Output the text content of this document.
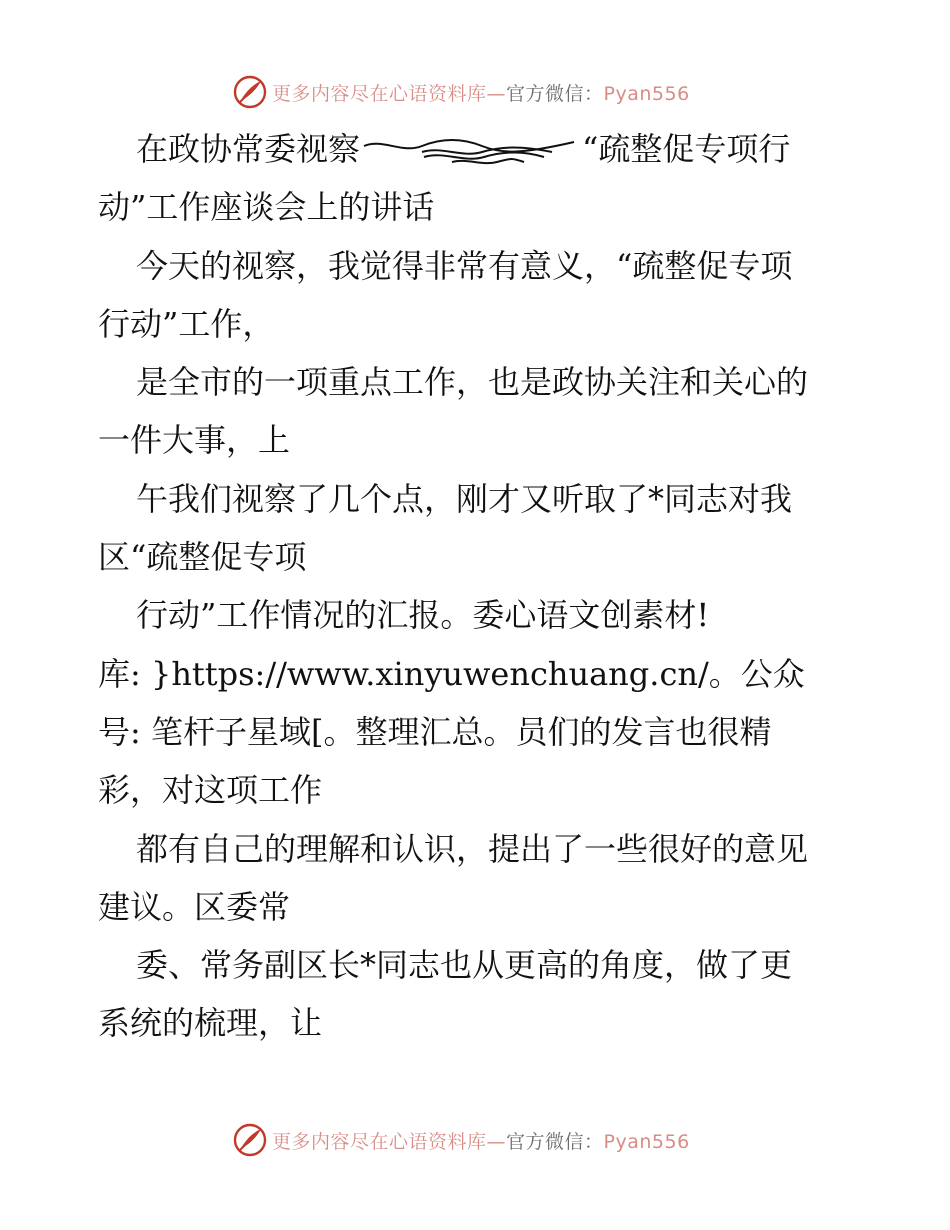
更多内容尽在心语资料库—官方微信：Pyan556
在政协常委视察	“疏整促专项行
动”工作座谈会上的讲话
今天的视察，我觉得非常有意义，“疏整促专项
行动”工作，
是全市的一项重点工作，也是政协关注和关心的
一件大事，上
午我们视察了几个点，刚才又听取了*同志对我
区“疏整促专项
行动”工作情况的汇报。委心语文创素材!
库: }https://www.xinyuwenchuang.cn/。公众
号: 笔杆子星域[。整理汇总。员们的发言也很精
彩，对这项工作
都有自己的理解和认识，提出了一些很好的意见
建议。区委常
委、常务副区长*同志也从更高的角度，做了更
系统的梳理，让
更多内容尽在心语资料库—官方微信：Pyan556
